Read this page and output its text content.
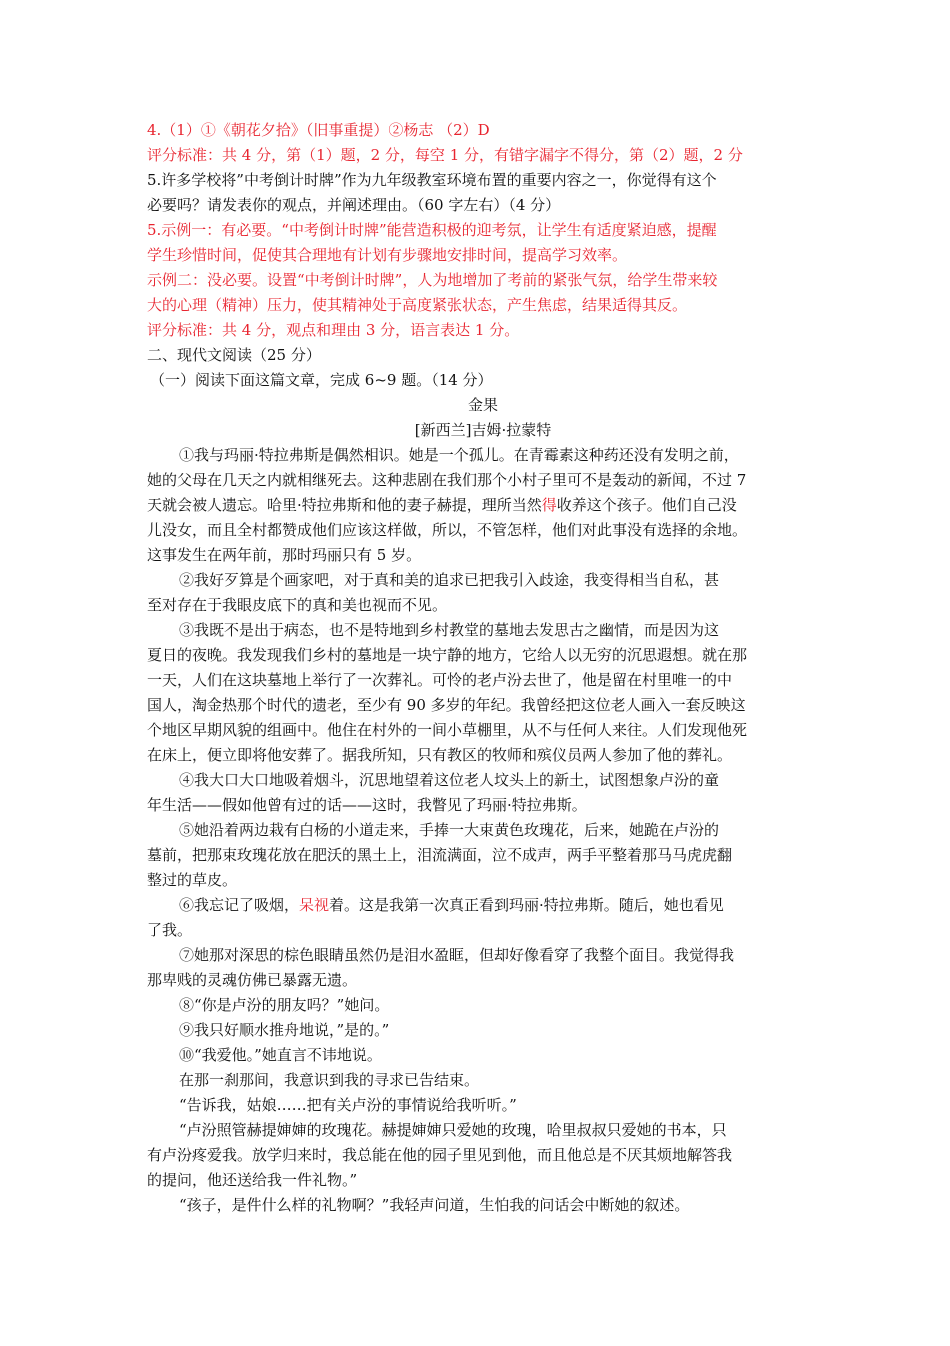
4.（1）①《朝花夕拾》（旧事重提）②杨志 （2）D

评分标准：共 4 分，第（1）题，2 分，每空 1 分，有错字漏字不得分，第（2）题，2 分

5.许多学校将”中考倒计时牌”作为九年级教室环境布置的重要内容之一，你觉得有这个

必要吗？请发表你的观点，并阐述理由。（60 字左右）（4 分）

5.示例一：有必要。“中考倒计时牌”能营造积极的迎考氛，让学生有适度紧迫感，提醒

学生珍惜时间，促使其合理地有计划有步骤地安排时间，提高学习效率。

示例二：没必要。设置“中考倒计时牌”，人为地增加了考前的紧张气氛，给学生带来较

大的心理（精神）压力，使其精神处于高度紧张状态，产生焦虑，结果适得其反。

评分标准：共 4 分，观点和理由 3 分，语言表达 1 分。

二、现代文阅读（25 分）

（一）阅读下面这篇文章，完成 6~9 题。（14 分）

金果

[新西兰]吉姆·拉蒙特

①我与玛丽·特拉弗斯是偶然相识。她是一个孤儿。在青霉素这种药还没有发明之前，

她的父母在几天之内就相继死去。这种悲剧在我们那个小村子里可不是轰动的新闻，不过 7

天就会被人遗忘。哈里·特拉弗斯和他的妻子赫提，理所当然得收养这个孩子。他们自己没

儿没女，而且全村都赞成他们应该这样做，所以，不管怎样，他们对此事没有选择的余地。

这事发生在两年前，那时玛丽只有 5 岁。

②我好歹算是个画家吧，对于真和美的追求已把我引入歧途，我变得相当自私，甚

至对存在于我眼皮底下的真和美也视而不见。

③我既不是出于病态，也不是特地到乡村教堂的墓地去发思古之幽情，而是因为这

夏日的夜晚。我发现我们乡村的墓地是一块宁静的地方，它给人以无穷的沉思遐想。就在那

一天，人们在这块墓地上举行了一次葬礼。可怜的老卢汾去世了，他是留在村里唯一的中

国人，淘金热那个时代的遗老，至少有 90 多岁的年纪。我曾经把这位老人画入一套反映这

个地区早期风貌的组画中。他住在村外的一间小草棚里，从不与任何人来往。人们发现他死

在床上，便立即将他安葬了。据我所知，只有教区的牧师和殡仪员两人参加了他的葬礼。

④我大口大口地吸着烟斗，沉思地望着这位老人坟头上的新土，试图想象卢汾的童

年生活——假如他曾有过的话——这时，我瞥见了玛丽·特拉弗斯。

⑤她沿着两边栽有白杨的小道走来，手捧一大束黄色玫瑰花，后来，她跪在卢汾的

墓前，把那束玫瑰花放在肥沃的黑土上，泪流满面，泣不成声，两手平整着那马马虎虎翻

整过的草皮。

⑥我忘记了吸烟，呆视着。这是我第一次真正看到玛丽·特拉弗斯。随后，她也看见

了我。

⑦她那对深思的棕色眼睛虽然仍是泪水盈眶，但却好像看穿了我整个面目。我觉得我

那卑贱的灵魂仿佛已暴露无遗。

⑧“你是卢汾的朋友吗？”她问。

⑨我只好顺水推舟地说，”是的。”

⑩“我爱他。”她直言不讳地说。

在那一刹那间，我意识到我的寻求已告结束。

“告诉我，姑娘……把有关卢汾的事情说给我听听。”

“卢汾照管赫提婶婶的玫瑰花。赫提婶婶只爱她的玫瑰，哈里叔叔只爱她的书本，只

有卢汾疼爱我。放学归来时，我总能在他的园子里见到他，而且他总是不厌其烦地解答我

的提问，他还送给我一件礼物。”

“孩子，是件什么样的礼物啊？”我轻声问道，生怕我的问话会中断她的叙述。
